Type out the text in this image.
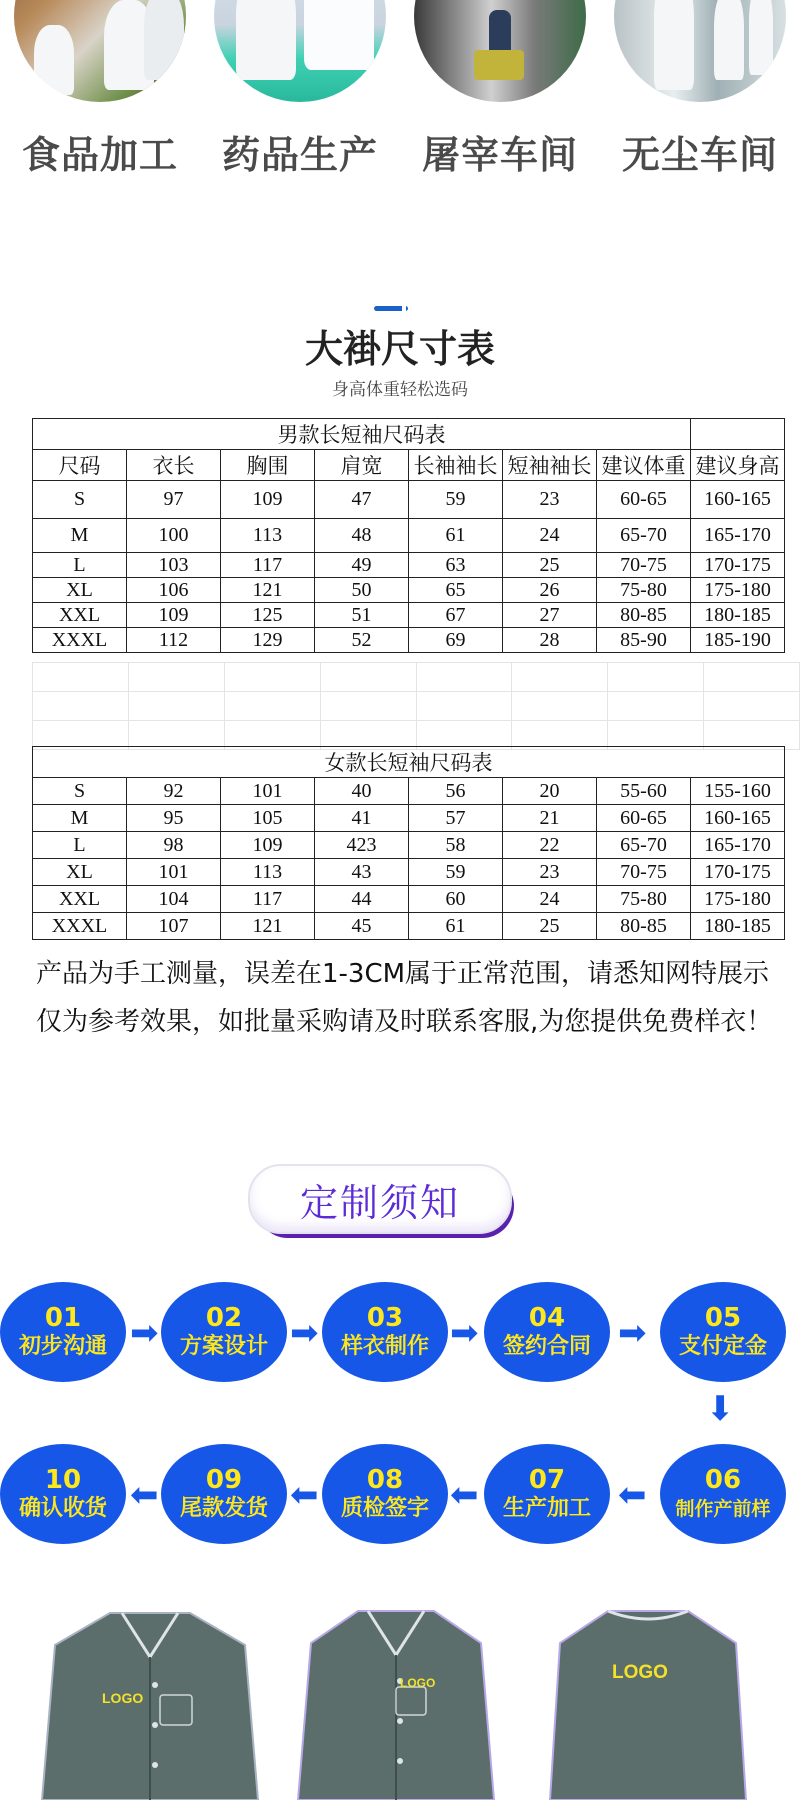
食品加工	药品生产	屠宰车间	无尘车间
大褂尺寸表
身高体重轻松选码
男款长短袖尺码表							
尺码	衣长	胸围	肩宽	长袖袖长	短袖袖长	建议体重	建议身高
S	97	109	47	59	23	60-65	160-165
M	100	113	48	61	24	65-70	165-170
L	103	117	49	63	25	70-75	170-175
XL	106	121	50	65	26	75-80	175-180
XXL	109	125	51	67	27	80-85	180-185
XXXL	112	129	52	69	28	85-90	185-190

女款长短袖尺码表							
S	92	101	40	56	20	55-60	155-160
M	95	105	41	57	21	60-65	160-165
L	98	109	423	58	22	65-70	165-170
XL	101	113	43	59	23	70-75	170-175
XXL	104	117	44	60	24	75-80	175-180
XXXL	107	121	45	61	25	80-85	180-185
产品为手工测量，误差在1-3CM属于正常范围，请悉知网特展示仅为参考效果，如批量采购请及时联系客服,为您提供免费样衣！
定制须知
01
初步沟通
02
方案设计
03
样衣制作
04
签约合同
05
支付定金
06
制作产前样
07
生产加工
08
质检签字
09
尾款发货
10
确认收货
➡	➡	➡	➡
⬇
⬅	⬅	⬅	⬅
LOGO
LOGO	LOGO
